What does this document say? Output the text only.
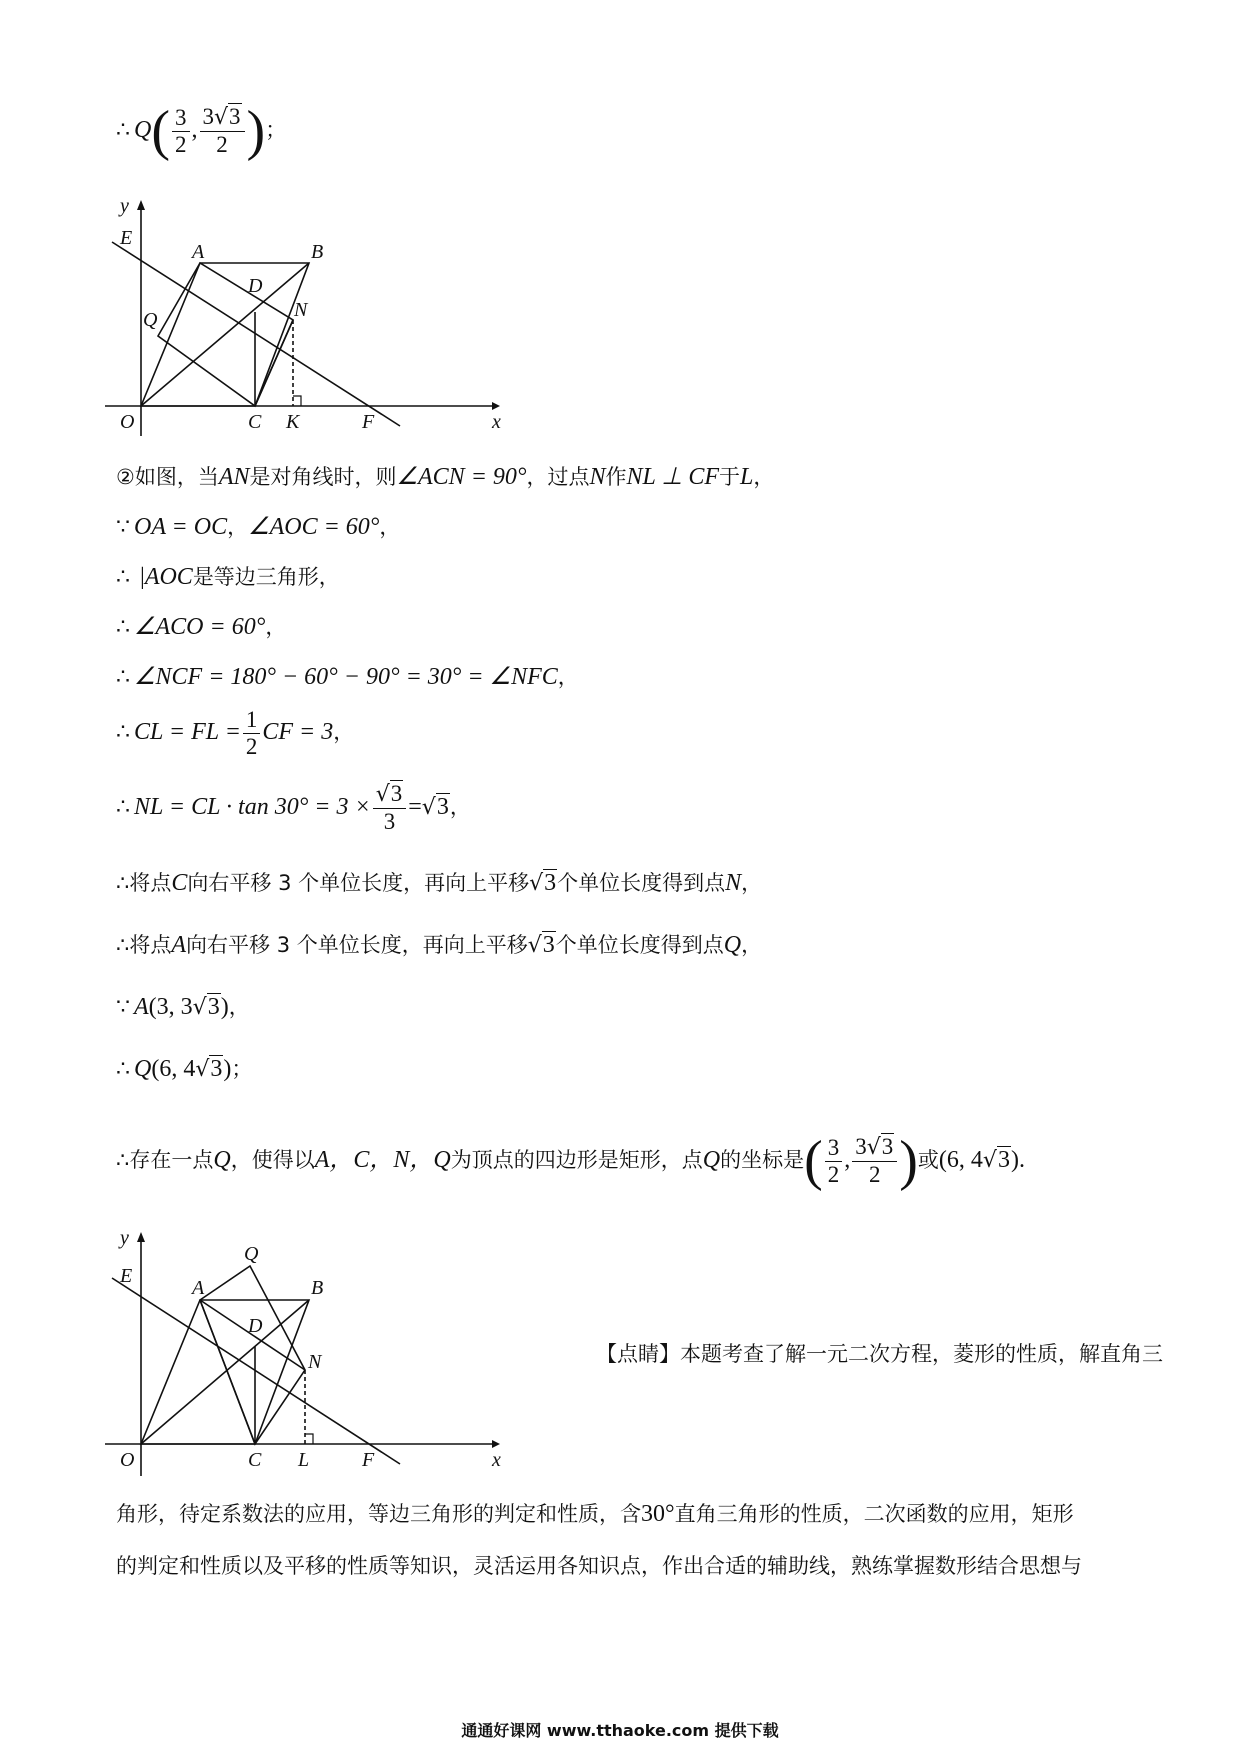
∴ $Q( \frac{3}{2}$ , $\frac{3√3}{2}$ )；
y
x
O
E
A	B
D
Q	N
C K	F
②如图，当AN是对角线时，则∠ACN = 90°，过点N作NL ⊥ CF于L，
∵ OA = OC，∠AOC = 60°，
∴ |AOC是等边三角形，
∴ ∠ACO = 60°，
∴ ∠NCF = 180° − 60° − 90° = 30° = ∠NFC，
∴ CL = FL = $\frac{1}{2}$ CF = 3，
∴ NL = CL · $\tan 30^\circ = 3 \times \frac{√3}{3} =√3$，
∴将点C向右平移 3 个单位长度，再向上平移√3个单位长度得到点N，
∴将点A向右平移 3 个单位长度，再向上平移√3个单位长度得到点Q，
∵ A(3, 3√3)，
∴ Q(6, 4√3)；
∴存在一点Q，使得以A，C，N，Q为顶点的四边形是矩形，点Q的坐标是( $\frac{3}{2}$ , $\frac{3√3}{2}$ )或(6, 4√3).
y
x
O
E
A	B
D
Q
N
C L	F
【点睛】本题考查了解一元二次方程，菱形的性质，解直角三
角形，待定系数法的应用，等边三角形的判定和性质，含30°直角三角形的性质，二次函数的应用，矩形
的判定和性质以及平移的性质等知识，灵活运用各知识点，作出合适的辅助线，熟练掌握数形结合思想与
通通好课网 www.tthaoke.com 提供下载
